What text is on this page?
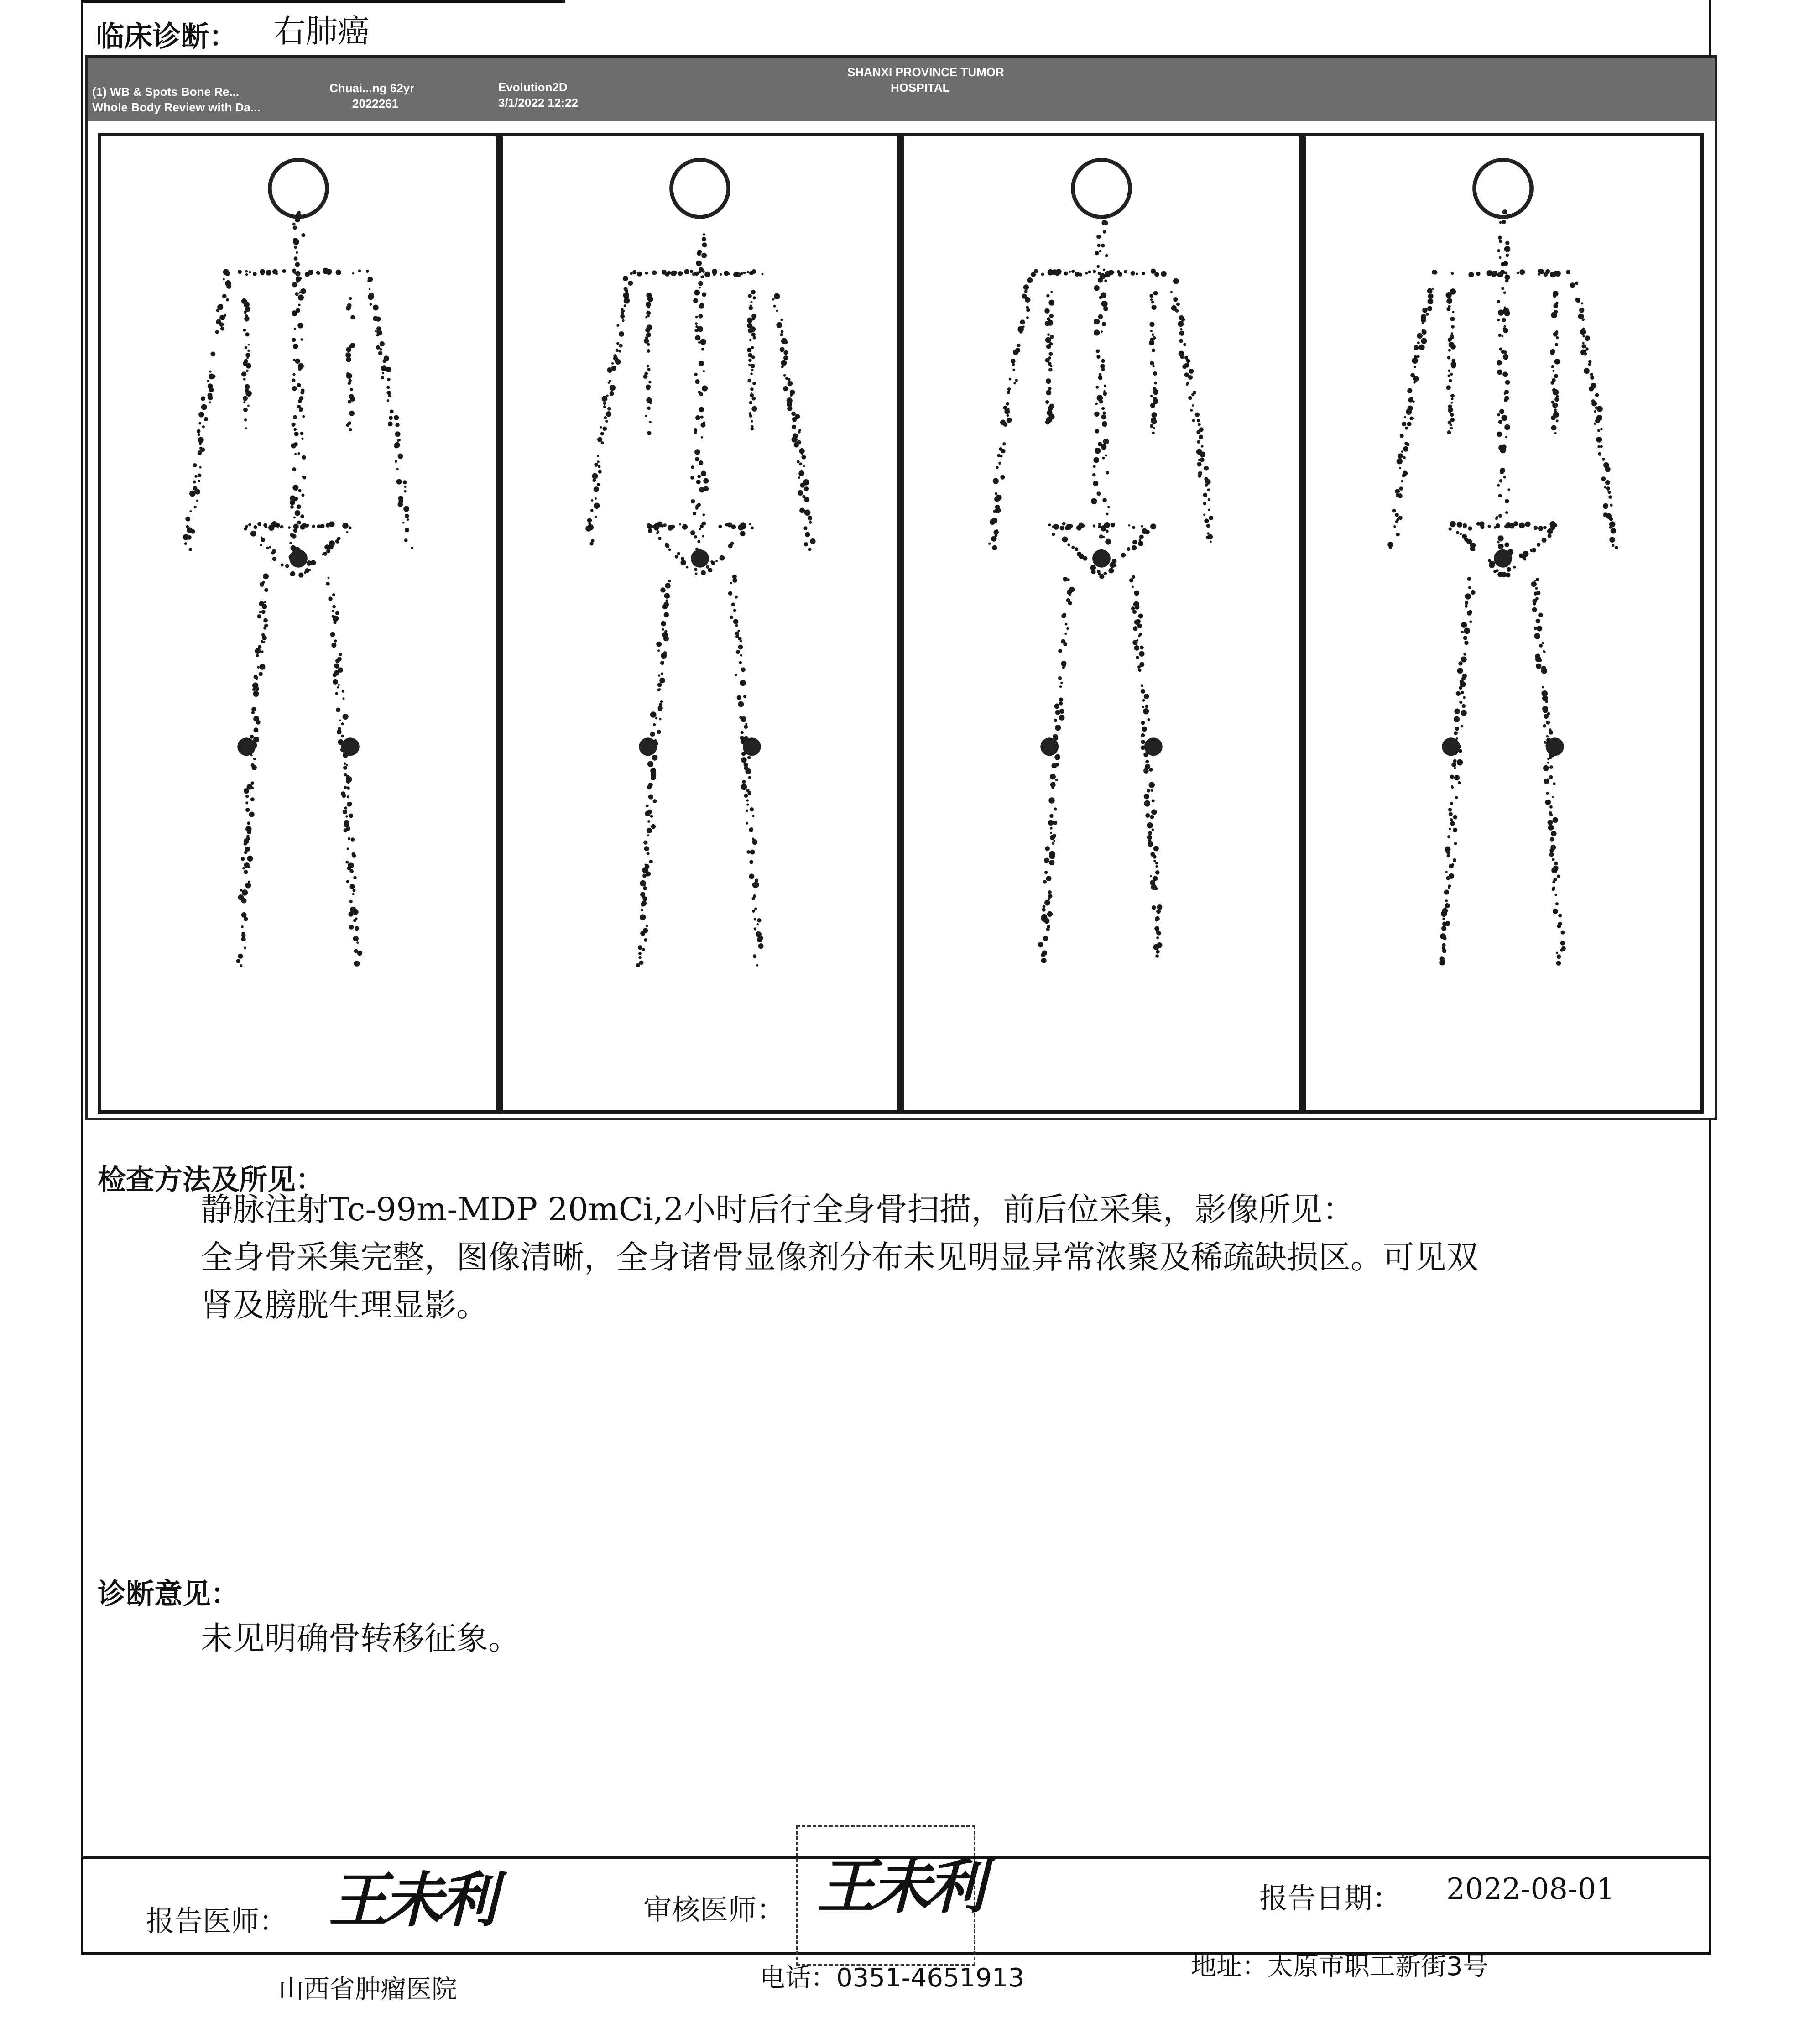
临床诊断： 右肺癌
(1) WB & Spots Bone Re...
Whole Body Review with Da...
Chuai...ng 62yr
2022261
Evolution2D
3/1/2022 12:22
SHANXI PROVINCE TUMOR
HOSPITAL
检查方法及所见：
静脉注射Tc-99m-MDP 20mCi,2小时后行全身骨扫描，前后位采集，影像所见：
全身骨采集完整，图像清晰，全身诸骨显像剂分布未见明显异常浓聚及稀疏缺损区。可见双
肾及膀胱生理显影。
诊断意见：
未见明确骨转移征象。
报告医师： 王未利	审核医师： 王未利	报告日期： 2022-08-01
山西省肿瘤医院	电话：0351-4651913	地址：太原市职工新街3号
